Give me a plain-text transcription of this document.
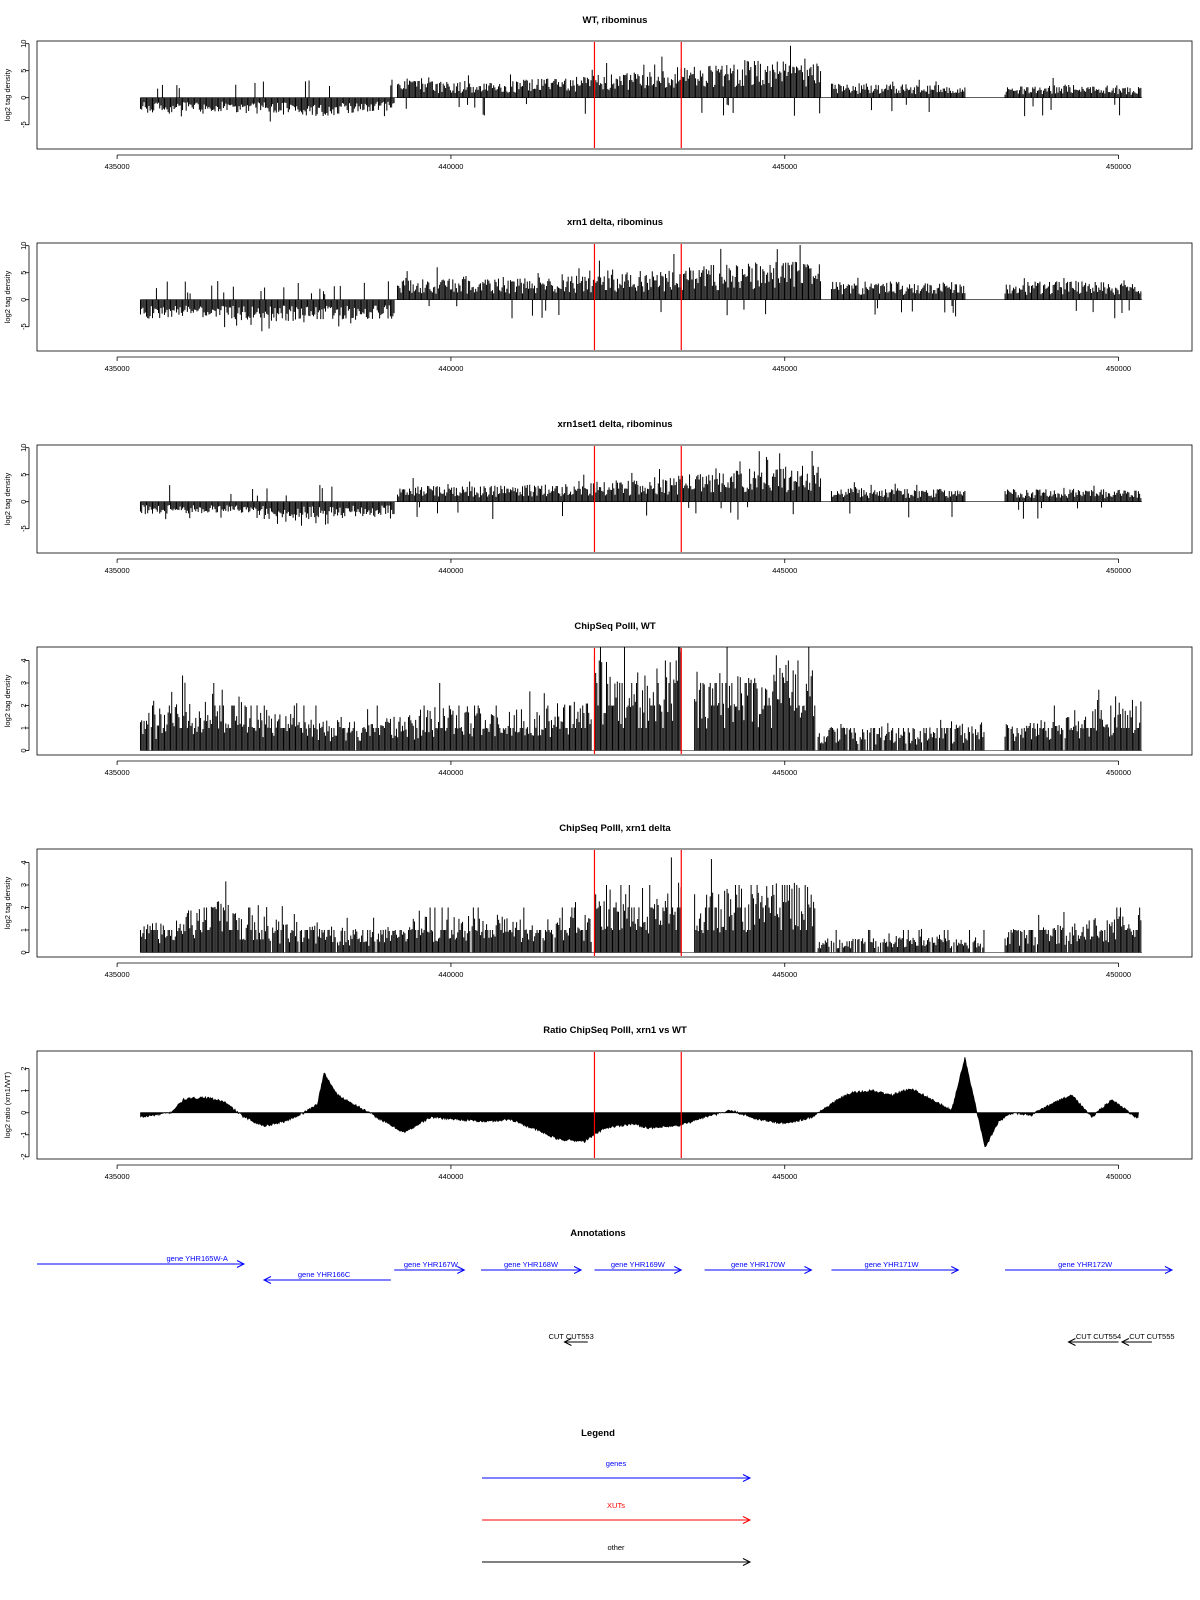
WT, ribominus
log2 tag density
-5
0
5
10
435000	440000	445000	450000
xrn1 delta, ribominus
log2 tag density
-5
0
5
10
435000	440000	445000	450000
xrn1set1 delta, ribominus
log2 tag density
-5
0
5
10
435000	440000	445000	450000
ChipSeq PolII, WT
log2 tag density
0
1
2
3
4
435000	440000	445000	450000
ChipSeq PolII, xrn1 delta
log2 tag density
0
1
2
3
4
435000	440000	445000	450000
Ratio ChipSeq PolII, xrn1 vs WT
log2 ratio (xrn1/WT)
-2
-1
0
1
2
435000	440000	445000	450000
Annotations
gene YHR165W-A
gene YHR166C
gene YHR167W	gene YHR168W	gene YHR169W	gene YHR170W	gene YHR171W	gene YHR172W
CUT CUT553	CUT CUT554 CUT CUT555
Legend
genes
XUTs
other
